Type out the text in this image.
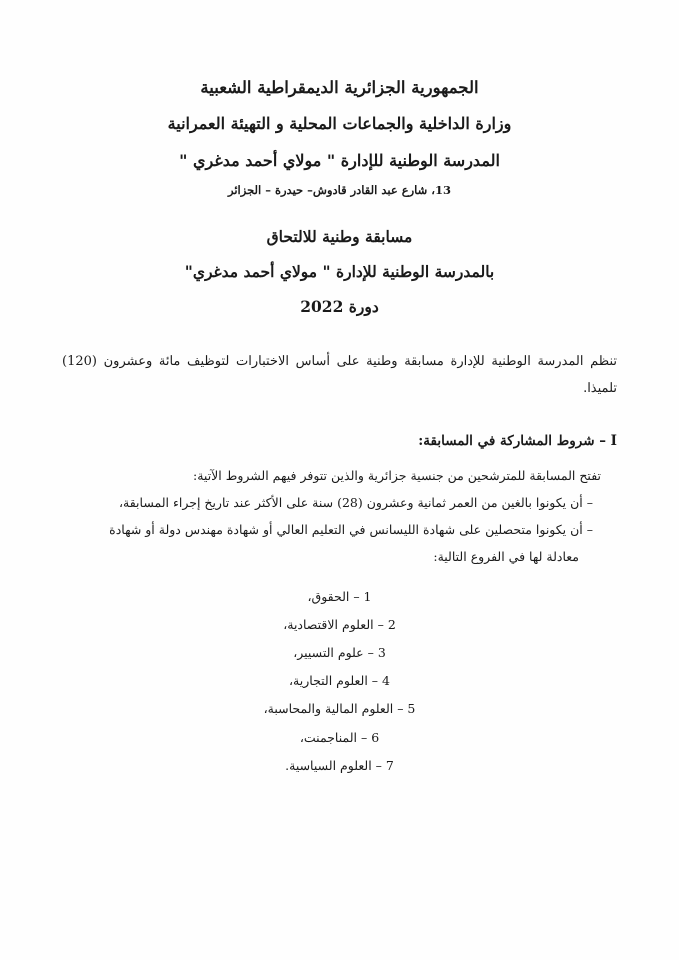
الجمهورية الجزائرية الديمقراطية الشعبية
وزارة الداخلية والجماعات المحلية و التهيئة العمرانية
المدرسة الوطنية للإدارة " مولاي أحمد مدغري "
13، شارع عبد القادر قادوش– حيدرة – الجزائر
مسابقة وطنية للالتحاق
بالمدرسة الوطنية للإدارة " مولاي أحمد مدغري"
دورة 2022
تنظم المدرسة الوطنية للإدارة مسابقة وطنية على أساس الاختبارات لتوظيف مائة وعشرون (120) تلميذا.
I – شروط المشاركة في المسابقة:
تفتح المسابقة للمترشحين من جنسية جزائرية والذين تتوفر فيهم الشروط الآتية:
– أن يكونوا بالغين من العمر ثمانية وعشرون (28) سنة على الأكثر عند تاريخ إجراء المسابقة،
– أن يكونوا متحصلين على شهادة الليسانس في التعليم العالي أو شهادة مهندس دولة أو شهادة
معادلة لها في الفروع التالية:
1 – الحقوق،
2 – العلوم الاقتصادية،
3 – علوم التسيير،
4 – العلوم التجارية،
5 – العلوم المالية والمحاسبة،
6 – المناجمنت،
7 – العلوم السياسية.
